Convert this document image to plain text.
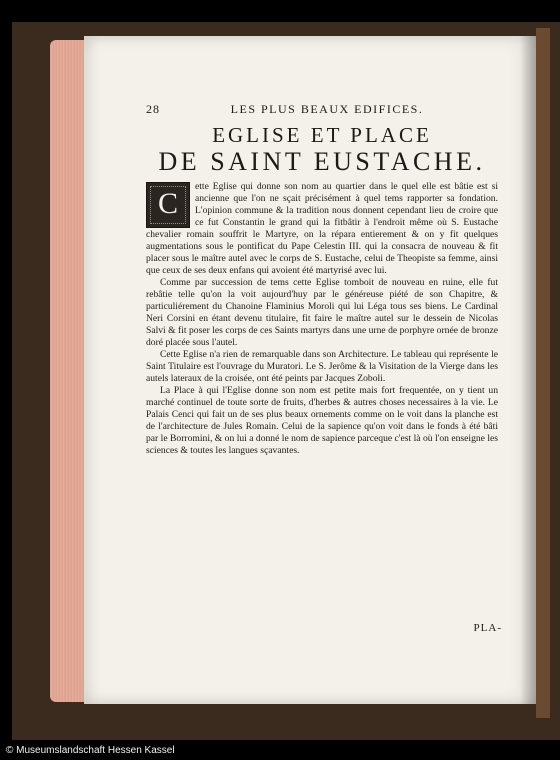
28	LES PLUS BEAUX EDIFICES.
EGLISE ET PLACE
DE SAINT EUSTACHE.

C
ette Eglise qui donne son nom au quartier dans le quel elle est bâtie est si ancienne que l'on ne sçait précisément à quel tems rapporter sa fondation. L'opinion commune & la tradition nous donnent cependant lieu de croire que ce fut Constantin le grand qui la fitbâtir à l'endroit même où S. Eustache chevalier romain souffrit le Martyre, on la répara entierement & on y fit quelques augmentations sous le pontificat du Pape Celestin III. qui la consacra de nouveau & fit placer sous le maître autel avec le corps de S. Eustache, celui de Theopiste sa femme, ainsi que ceux de ses deux enfans qui avoient été martyrisé avec lui.

Comme par succession de tems cette Eglise tomboit de nouveau en ruine, elle fut rebâtie telle qu'on la voit aujourd'huy par le généreuse piété de son Chapitre, & particuliérement du Chanoine Flaminius Moroli qui lui Léga tous ses biens. Le Cardinal Neri Corsini en étant devenu titulaire, fit faire le maître autel sur le dessein de Nicolas Salvi & fit poser les corps de ces Saints martyrs dans une urne de porphyre ornée de bronze doré placée sous l'autel.

Cette Eglise n'a rien de remarquable dans son Architecture. Le tableau qui représente le Saint Titulaire est l'ouvrage du Muratori. Le S. Jerôme & la Visitation de la Vierge dans les autels lateraux de la croisée, ont été peints par Jacques Zoboli.

La Place à qui l'Eglise donne son nom est petite mais fort frequentée, on y tient un marché continuel de toute sorte de fruits, d'herbes & autres choses necessaires à la vie. Le Palais Cenci qui fait un de ses plus beaux ornements comme on le voit dans la planche est de l'architecture de Jules Romain. Celui de la sapience qu'on voit dans le fonds à été bâti par le Borromini, & on lui a donné le nom de sapience parceque c'est là où l'on enseigne les sciences & toutes les langues sçavantes.

PLA-
© Museumslandschaft Hessen Kassel
